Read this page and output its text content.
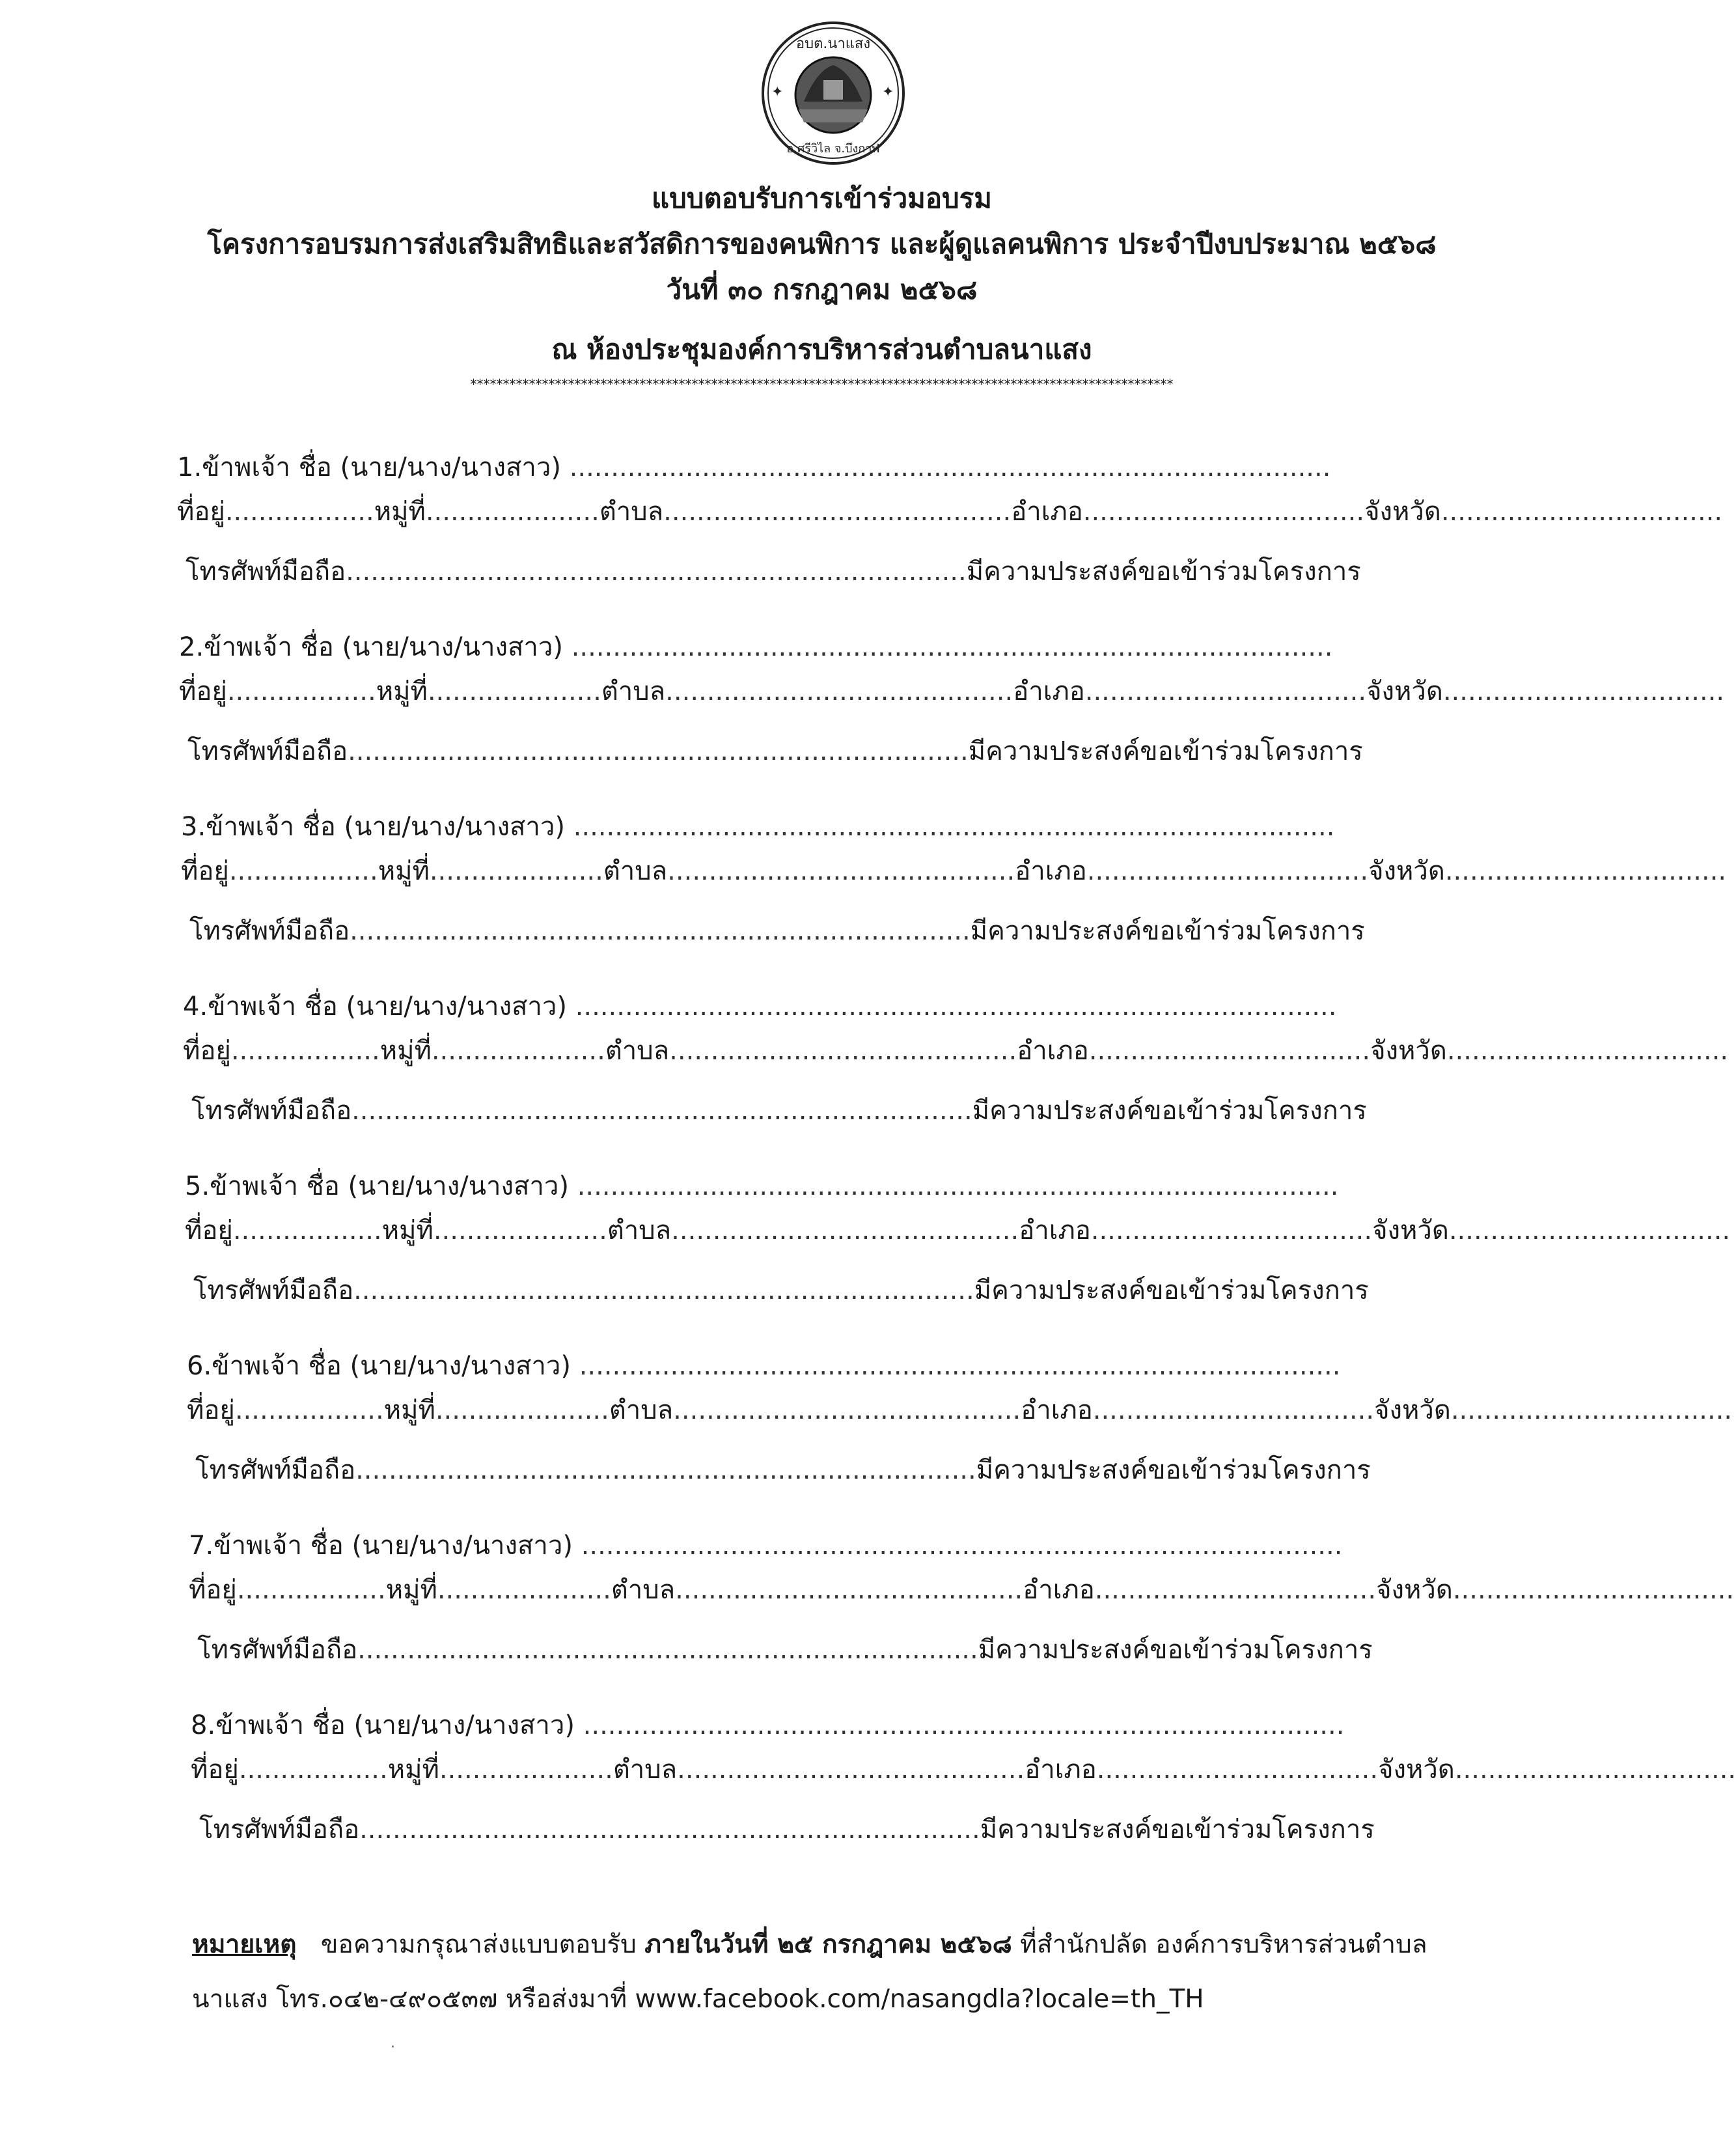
✦	✦
อบต.นาแสง
อ.ศรีวิไล จ.บึงกาฬ
แบบตอบรับการเข้าร่วมอบรม
โครงการอบรมการส่งเสริมสิทธิและสวัสดิการของคนพิการ และผู้ดูแลคนพิการ ประจำปีงบประมาณ ๒๕๖๘
วันที่ ๓๐ กรกฎาคม ๒๕๖๘
ณ ห้องประชุมองค์การบริหารส่วนตำบลนาแสง
************************************************************************************************************
1.ข้าพเจ้า ชื่อ (นาย/นาง/นางสาว) ............................................................................................
ที่อยู่..................หมู่ที่.....................ตำบล..........................................อำเภอ..................................จังหวัด..................................
โทรศัพท์มือถือ...........................................................................มีความประสงค์ขอเข้าร่วมโครงการ
2.ข้าพเจ้า ชื่อ (นาย/นาง/นางสาว) ............................................................................................
ที่อยู่..................หมู่ที่.....................ตำบล..........................................อำเภอ..................................จังหวัด..................................
โทรศัพท์มือถือ...........................................................................มีความประสงค์ขอเข้าร่วมโครงการ
3.ข้าพเจ้า ชื่อ (นาย/นาง/นางสาว) ............................................................................................
ที่อยู่..................หมู่ที่.....................ตำบล..........................................อำเภอ..................................จังหวัด..................................
โทรศัพท์มือถือ...........................................................................มีความประสงค์ขอเข้าร่วมโครงการ
4.ข้าพเจ้า ชื่อ (นาย/นาง/นางสาว) ............................................................................................
ที่อยู่..................หมู่ที่.....................ตำบล..........................................อำเภอ..................................จังหวัด..................................
โทรศัพท์มือถือ...........................................................................มีความประสงค์ขอเข้าร่วมโครงการ
5.ข้าพเจ้า ชื่อ (นาย/นาง/นางสาว) ............................................................................................
ที่อยู่..................หมู่ที่.....................ตำบล..........................................อำเภอ..................................จังหวัด..................................
โทรศัพท์มือถือ...........................................................................มีความประสงค์ขอเข้าร่วมโครงการ
6.ข้าพเจ้า ชื่อ (นาย/นาง/นางสาว) ............................................................................................
ที่อยู่..................หมู่ที่.....................ตำบล..........................................อำเภอ..................................จังหวัด..................................
โทรศัพท์มือถือ...........................................................................มีความประสงค์ขอเข้าร่วมโครงการ
7.ข้าพเจ้า ชื่อ (นาย/นาง/นางสาว) ............................................................................................
ที่อยู่..................หมู่ที่.....................ตำบล..........................................อำเภอ..................................จังหวัด..................................
โทรศัพท์มือถือ...........................................................................มีความประสงค์ขอเข้าร่วมโครงการ
8.ข้าพเจ้า ชื่อ (นาย/นาง/นางสาว) ............................................................................................
ที่อยู่..................หมู่ที่.....................ตำบล..........................................อำเภอ..................................จังหวัด..................................
โทรศัพท์มือถือ...........................................................................มีความประสงค์ขอเข้าร่วมโครงการ
หมายเหตุ ขอความกรุณาส่งแบบตอบรับ ภายในวันที่ ๒๕ กรกฎาคม ๒๕๖๘ ที่สำนักปลัด องค์การบริหารส่วนตำบล
นาแสง โทร.๐๔๒-๔๙๐๕๓๗ หรือส่งมาที่ www.facebook.com/nasangdla?locale=th_TH
·
